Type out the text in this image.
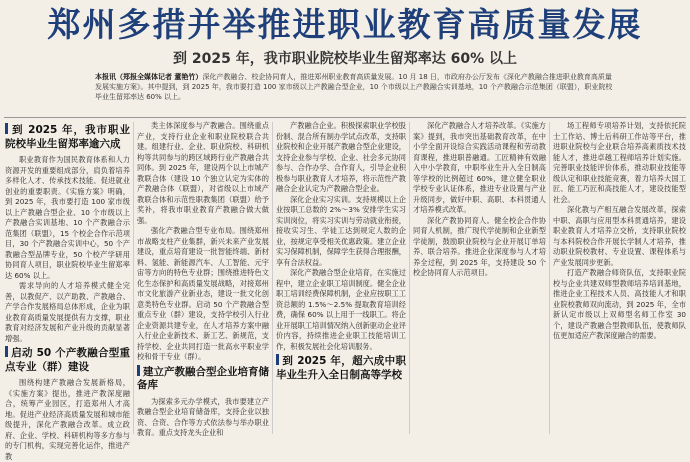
郑州多措并举推进职业教育高质量发展
到 2025 年，我市职业院校毕业生留郑率达 60% 以上
本报讯（郑报全媒体记者 董艳竹）深化产教融合、校企协同育人，推进郑州职业教育高质量发展。10 月 18 日，市政府办公厅发布《深化产教融合推进职业教育高质量发展实施方案》。其中提到，到 2025 年，我市要打造 100 家市级以上产教融合型企业，10 个市级以上产教融合实训基地，10 个产教融合示范集团（联盟），职业院校毕业生留郑率达 60% 以上。
到 2025 年，我市职业院校毕业生留郑率逾六成

职业教育作为国民教育体系和人力资源开发的重要组成部分，肩负着培养多样化人才、传承技术技能、促进就业创业的重要职责。《实施方案》明确，到 2025 年，我市要打造 100 家市级以上产教融合型企业、10 个市级以上产教融合实训基地、10 个产教融合示范集团（联盟），15 个校企合作示范项目，30 个产教融合实训中心，50 个产教融合型品牌专业，50 个校产学研用协同育人项目，职业院校毕业生留郑率达 60% 以上。

需求导向的人才培养模式健全完善，以教促产、以产助教、产教融合、产学合作发展格局总体形成，企业为职业教育高质量发展提供有力支撑，职业教育对经济发展和产业升级的贡献显著增强。

启动 50 个产教融合型重点专业（群）建设

围绕构建产教融合发展新格局，《实施方案》提出，推进产教深度融合，统筹产业园区，打造郑州人才高地。促进产业经济高质量发展和城市能级提升，深化产教融合改革。成立政府、企业、学校、科研机构等多方参与的专门机构，实现完善化运作，推进产教

类主体深度参与产教融合。围绕重点产业，支持行业企业和职业院校联合共建。组建行业、企业、职业院校、科研机构等共同参与的跨区域跨行业产教融合共同体。到 2025 年，建设两个以上市城产教联合体（建设 10 个独立认定为实体的产教融合体（联盟），对省级以上市域产教联合体和示范性职教集团（联盟）给予奖补，将我市职业教育产教融合做大做强。

强化产教融合型专业布局。围绕郑州市战略支柱产业集群，新兴未来产业发展建设，重点培育建设一批智能终端、新材料、氢能、新能源汽车、人工智能、元宇宙等方向的特色专业群；围绕推进特色文化生态保护和高质量发展战略，对接郑州市文化旅游产业新业态，建设一批文化创意类特色专业群。启动 50 个产教融合型重点专业（群）建设，支持学校引入行业企业资源共建专业，在人才培养方案中融入行业企业新技术、新工艺、新规范，支持学校、企业共同打造一批高水平职业学校和骨干专业（群）。

建立产教融合型企业培育储备库

为探索多元办学模式，我市要建立产教融合型企业培育储备库，支持企业以独资、合资、合作等方式依法参与举办职业教育。重点支持龙头企业和

产教融合企业。积极探索职业学校股份制、混合所有制办学试点改革，支持职业院校和企业开展产教融合型企业建设，支持企业参与学校、企业、社会多元协同参与、合作办学、合作育人，引导企业积极参与职业教育人才培养，将示范性产教融合企业认定为产教融合型企业。

深化企业实习实训。支持规模以上企业按职工总数的 2%～3% 安排学生实习实训岗位，将实习实训与劳动就业衔接，接收实习生、学徒工达到规定人数的企业，按规定享受相关优惠政策。建立企业实习保障机制，保障学生获得合理报酬，享有合法权益。

深化产教融合型企业培育，在实施过程中，建立企业职工培训制度。健全企业职工培训经费保障机制，企业应按职工工资总额的 1.5%～2.5% 提取教育培训经费，确保 60% 以上用于一线职工。将企业开展职工培训情况纳入创新驱动企业评价内容，持续推进企业职工技能培训工作，积极发展社会化培训服务。

到 2025 年，超六成中职毕业生升入全日制高等学校

深化产教融合人才培养改革。《实施方案》提到，我市突出基础教育改革，在中小学全面开设综合实践活动课程和劳动教育课程，推进职普融通。工匠精神有效融入中小学教育，中职毕业生升入全日制高等学校的比例超过 60%，建立健全职业学校专业认证体系，推进专业设置与产业升级同步，做好中职、高职、本科贯通人才培养模式改革。

深化产教协同育人。健全校企合作协同育人机制，推广现代学徒制和企业新型学徒制，鼓励职业院校与企业开展订单培养、联合培养。推进企业深度参与人才培养全过程，到 2025 年，支持建设 50 个校企协同育人示范项目。

场工程师专项培养计划，支持依托院士工作站、博士后科研工作站等平台，推进职业院校与企业联合培养高素质技术技能人才，推进卓越工程师培养计划实施。完善职业技能评价体系，推动职业技能等级认定和职业技能竞赛，着力培养大国工匠、能工巧匠和高技能人才，建设技能型社会。

深化教与产相互融合发展改革，探索中职、高职与应用型本科贯通培养，建设职业教育人才培养立交桥，支持职业院校与本科院校合作开展长学制人才培养，推动职业院校教材、专业设置、课程体系与产业发展同步更新。

打造产教融合师资队伍，支持职业院校与企业共建双师型教师培养培训基地，推进企业工程技术人员、高技能人才和职业院校教师双向流动，到 2025 年，全市新认定市级以上双师型名师工作室 30 个，建设产教融合型教师队伍，使教师队伍更加适应产教深度融合的需要。
